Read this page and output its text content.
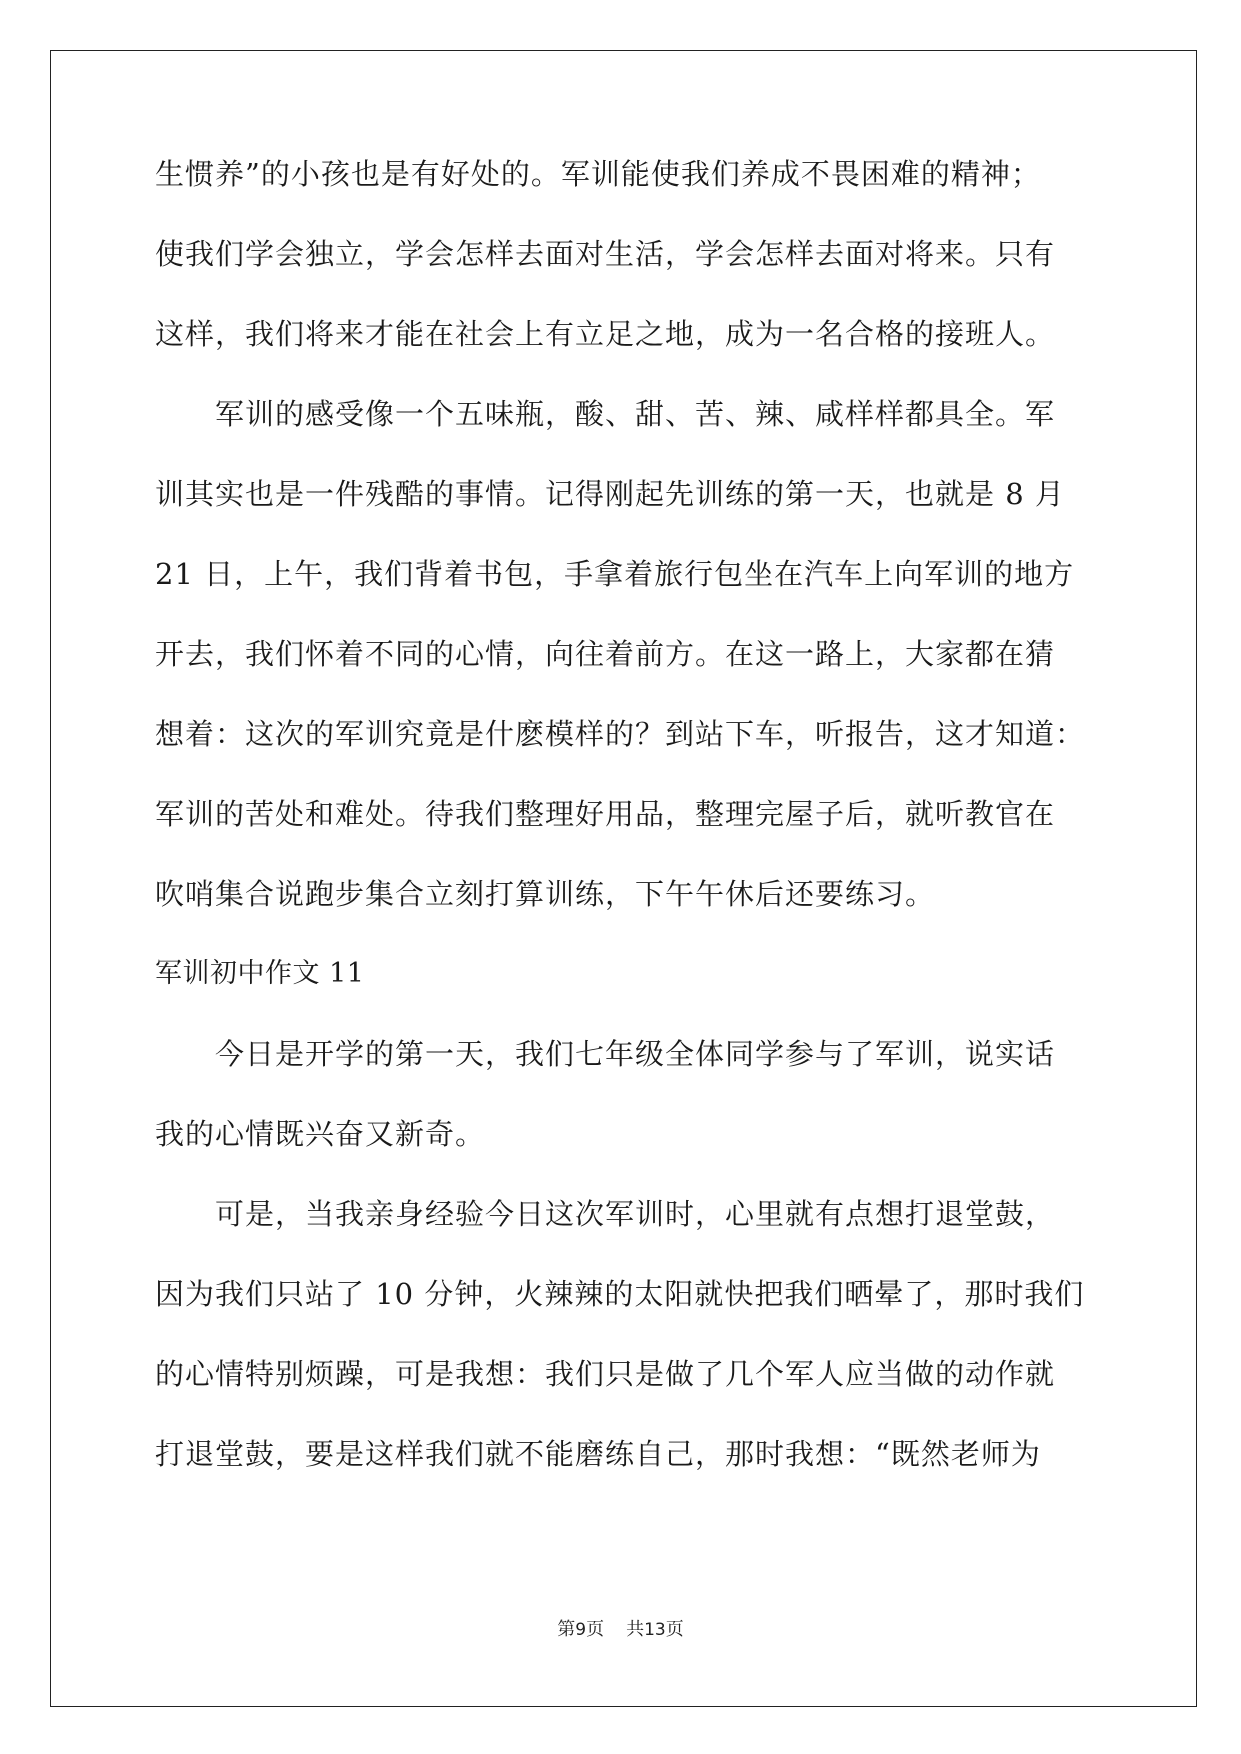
生惯养”的小孩也是有好处的。军训能使我们养成不畏困难的精神；
使我们学会独立，学会怎样去面对生活，学会怎样去面对将来。只有
这样，我们将来才能在社会上有立足之地，成为一名合格的接班人。
军训的感受像一个五味瓶，酸、甜、苦、辣、咸样样都具全。军
训其实也是一件残酷的事情。记得刚起先训练的第一天，也就是 8 月
21 日，上午，我们背着书包，手拿着旅行包坐在汽车上向军训的地方
开去，我们怀着不同的心情，向往着前方。在这一路上，大家都在猜
想着：这次的军训究竟是什麽模样的？到站下车，听报告，这才知道：
军训的苦处和难处。待我们整理好用品，整理完屋子后，就听教官在
吹哨集合说跑步集合立刻打算训练，下午午休后还要练习。
军训初中作文 11
今日是开学的第一天，我们七年级全体同学参与了军训，说实话
我的心情既兴奋又新奇。
可是，当我亲身经验今日这次军训时，心里就有点想打退堂鼓，
因为我们只站了 10 分钟，火辣辣的太阳就快把我们晒晕了，那时我们
的心情特别烦躁，可是我想：我们只是做了几个军人应当做的动作就
打退堂鼓，要是这样我们就不能磨练自己，那时我想：“既然老师为
第9页 共13页
